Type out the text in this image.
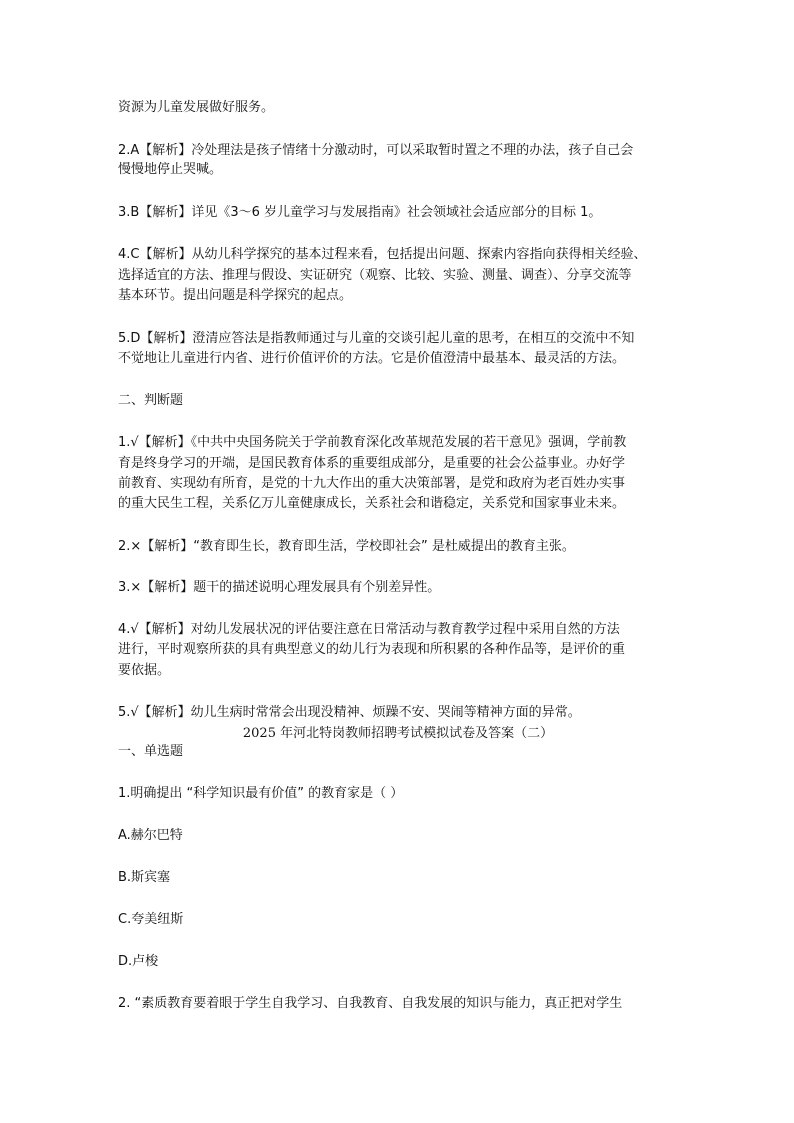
资源为儿童发展做好服务。
2.A【解析】冷处理法是孩子情绪十分激动时，可以采取暂时置之不理的办法，孩子自己会
慢慢地停止哭喊。
3.B【解析】详见《3～6 岁儿童学习与发展指南》社会领域社会适应部分的目标 1。
4.C【解析】从幼儿科学探究的基本过程来看，包括提出问题、探索内容指向获得相关经验、
选择适宜的方法、推理与假设、实证研究（观察、比较、实验、测量、调查）、分享交流等
基本环节。提出问题是科学探究的起点。
5.D【解析】澄清应答法是指教师通过与儿童的交谈引起儿童的思考，在相互的交流中不知
不觉地让儿童进行内省、进行价值评价的方法。它是价值澄清中最基本、最灵活的方法。
二、判断题
1.√【解析】《中共中央国务院关于学前教育深化改革规范发展的若干意见》强调，学前教
育是终身学习的开端，是国民教育体系的重要组成部分，是重要的社会公益事业。办好学
前教育、实现幼有所育，是党的十九大作出的重大决策部署，是党和政府为老百姓办实事
的重大民生工程，关系亿万儿童健康成长，关系社会和谐稳定，关系党和国家事业未来。
2.×【解析】“教育即生长，教育即生活，学校即社会” 是杜威提出的教育主张。
3.×【解析】题干的描述说明心理发展具有个别差异性。
4.√【解析】对幼儿发展状况的评估要注意在日常活动与教育教学过程中采用自然的方法
进行，平时观察所获的具有典型意义的幼儿行为表现和所积累的各种作品等，是评价的重
要依据。
5.√【解析】幼儿生病时常常会出现没精神、烦躁不安、哭闹等精神方面的异常。
2025 年河北特岗教师招聘考试模拟试卷及答案（二）
一、单选题
1.明确提出 “科学知识最有价值” 的教育家是（ ）
A.赫尔巴特
B.斯宾塞
C.夸美纽斯
D.卢梭
2. “素质教育要着眼于学生自我学习、自我教育、自我发展的知识与能力，真正把对学生
